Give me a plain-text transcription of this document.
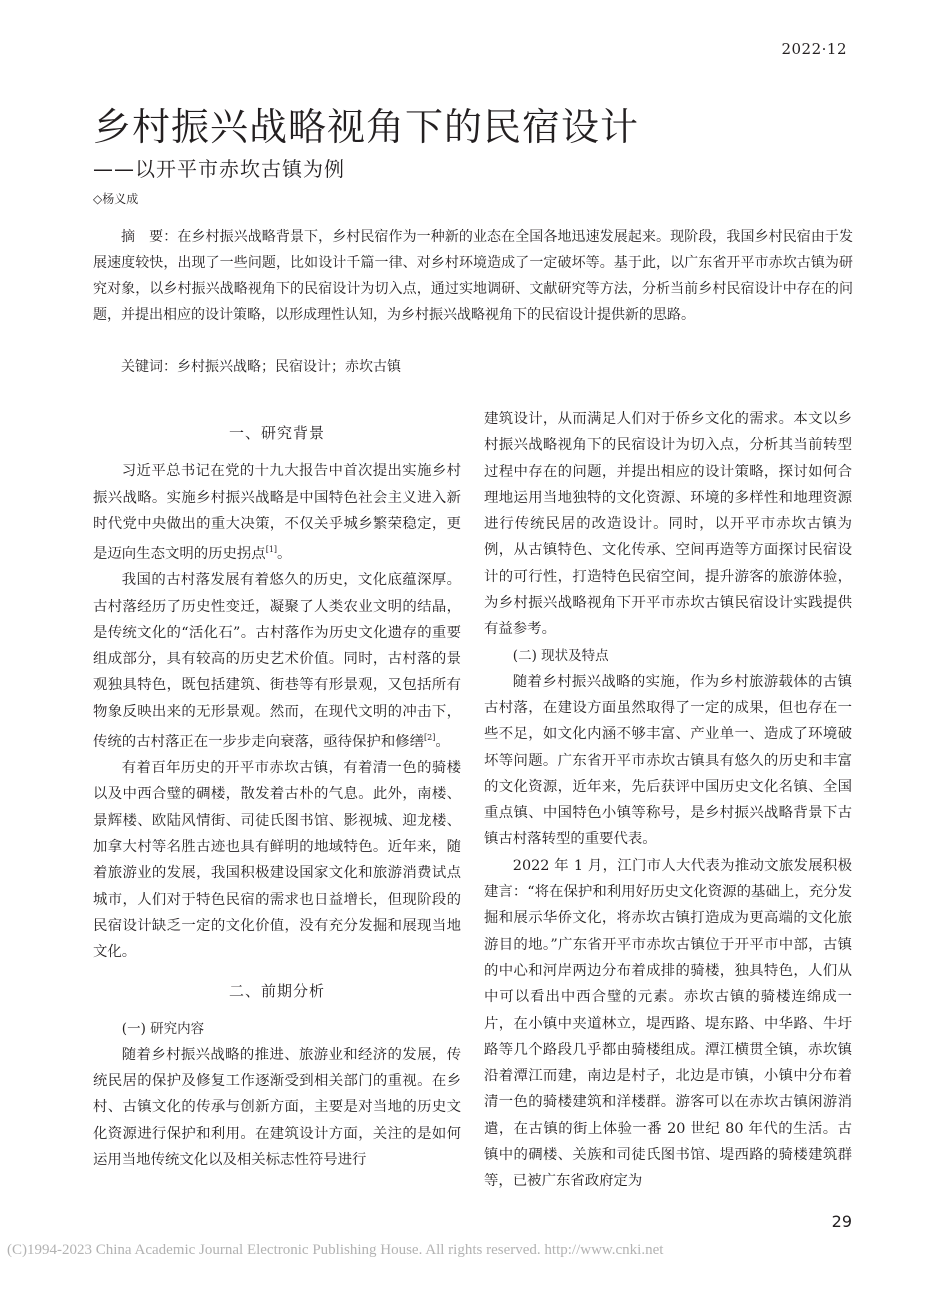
2022·12
乡村振兴战略视角下的民宿设计
——以开平市赤坎古镇为例
◇杨义成
摘　要：在乡村振兴战略背景下，乡村民宿作为一种新的业态在全国各地迅速发展起来。现阶段，我国乡村民宿由于发展速度较快，出现了一些问题，比如设计千篇一律、对乡村环境造成了一定破坏等。基于此，以广东省开平市赤坎古镇为研究对象，以乡村振兴战略视角下的民宿设计为切入点，通过实地调研、文献研究等方法，分析当前乡村民宿设计中存在的问题，并提出相应的设计策略，以形成理性认知，为乡村振兴战略视角下的民宿设计提供新的思路。
关键词：乡村振兴战略；民宿设计；赤坎古镇
一、研究背景

习近平总书记在党的十九大报告中首次提出实施乡村振兴战略。实施乡村振兴战略是中国特色社会主义进入新时代党中央做出的重大决策，不仅关乎城乡繁荣稳定，更是迈向生态文明的历史拐点[1]。

我国的古村落发展有着悠久的历史，文化底蕴深厚。古村落经历了历史性变迁，凝聚了人类农业文明的结晶，是传统文化的“活化石”。古村落作为历史文化遗存的重要组成部分，具有较高的历史艺术价值。同时，古村落的景观独具特色，既包括建筑、街巷等有形景观，又包括所有物象反映出来的无形景观。然而，在现代文明的冲击下，传统的古村落正在一步步走向衰落，亟待保护和修缮[2]。

有着百年历史的开平市赤坎古镇，有着清一色的骑楼以及中西合璧的碉楼，散发着古朴的气息。此外，南楼、景辉楼、欧陆风情街、司徒氏图书馆、影视城、迎龙楼、加拿大村等名胜古迹也具有鲜明的地域特色。近年来，随着旅游业的发展，我国积极建设国家文化和旅游消费试点城市，人们对于特色民宿的需求也日益增长，但现阶段的民宿设计缺乏一定的文化价值，没有充分发掘和展现当地文化。

二、前期分析
(一) 研究内容

随着乡村振兴战略的推进、旅游业和经济的发展，传统民居的保护及修复工作逐渐受到相关部门的重视。在乡村、古镇文化的传承与创新方面，主要是对当地的历史文化资源进行保护和利用。在建筑设计方面，关注的是如何运用当地传统文化以及相关标志性符号进行

建筑设计，从而满足人们对于侨乡文化的需求。本文以乡村振兴战略视角下的民宿设计为切入点，分析其当前转型过程中存在的问题，并提出相应的设计策略，探讨如何合理地运用当地独特的文化资源、环境的多样性和地理资源进行传统民居的改造设计。同时，以开平市赤坎古镇为例，从古镇特色、文化传承、空间再造等方面探讨民宿设计的可行性，打造特色民宿空间，提升游客的旅游体验，为乡村振兴战略视角下开平市赤坎古镇民宿设计实践提供有益参考。

(二) 现状及特点

随着乡村振兴战略的实施，作为乡村旅游载体的古镇古村落，在建设方面虽然取得了一定的成果，但也存在一些不足，如文化内涵不够丰富、产业单一、造成了环境破坏等问题。广东省开平市赤坎古镇具有悠久的历史和丰富的文化资源，近年来，先后获评中国历史文化名镇、全国重点镇、中国特色小镇等称号，是乡村振兴战略背景下古镇古村落转型的重要代表。

2022 年 1 月，江门市人大代表为推动文旅发展积极建言：“将在保护和利用好历史文化资源的基础上，充分发掘和展示华侨文化，将赤坎古镇打造成为更高端的文化旅游目的地。”广东省开平市赤坎古镇位于开平市中部，古镇的中心和河岸两边分布着成排的骑楼，独具特色，人们从中可以看出中西合璧的元素。赤坎古镇的骑楼连绵成一片，在小镇中夹道林立，堤西路、堤东路、中华路、牛圩路等几个路段几乎都由骑楼组成。潭江横贯全镇，赤坎镇沿着潭江而建，南边是村子，北边是市镇，小镇中分布着清一色的骑楼建筑和洋楼群。游客可以在赤坎古镇闲游消遣，在古镇的街上体验一番 20 世纪 80 年代的生活。古镇中的碉楼、关族和司徒氏图书馆、堤西路的骑楼建筑群等，已被广东省政府定为

29
(C)1994-2023 China Academic Journal Electronic Publishing House. All rights reserved. http://www.cnki.net
